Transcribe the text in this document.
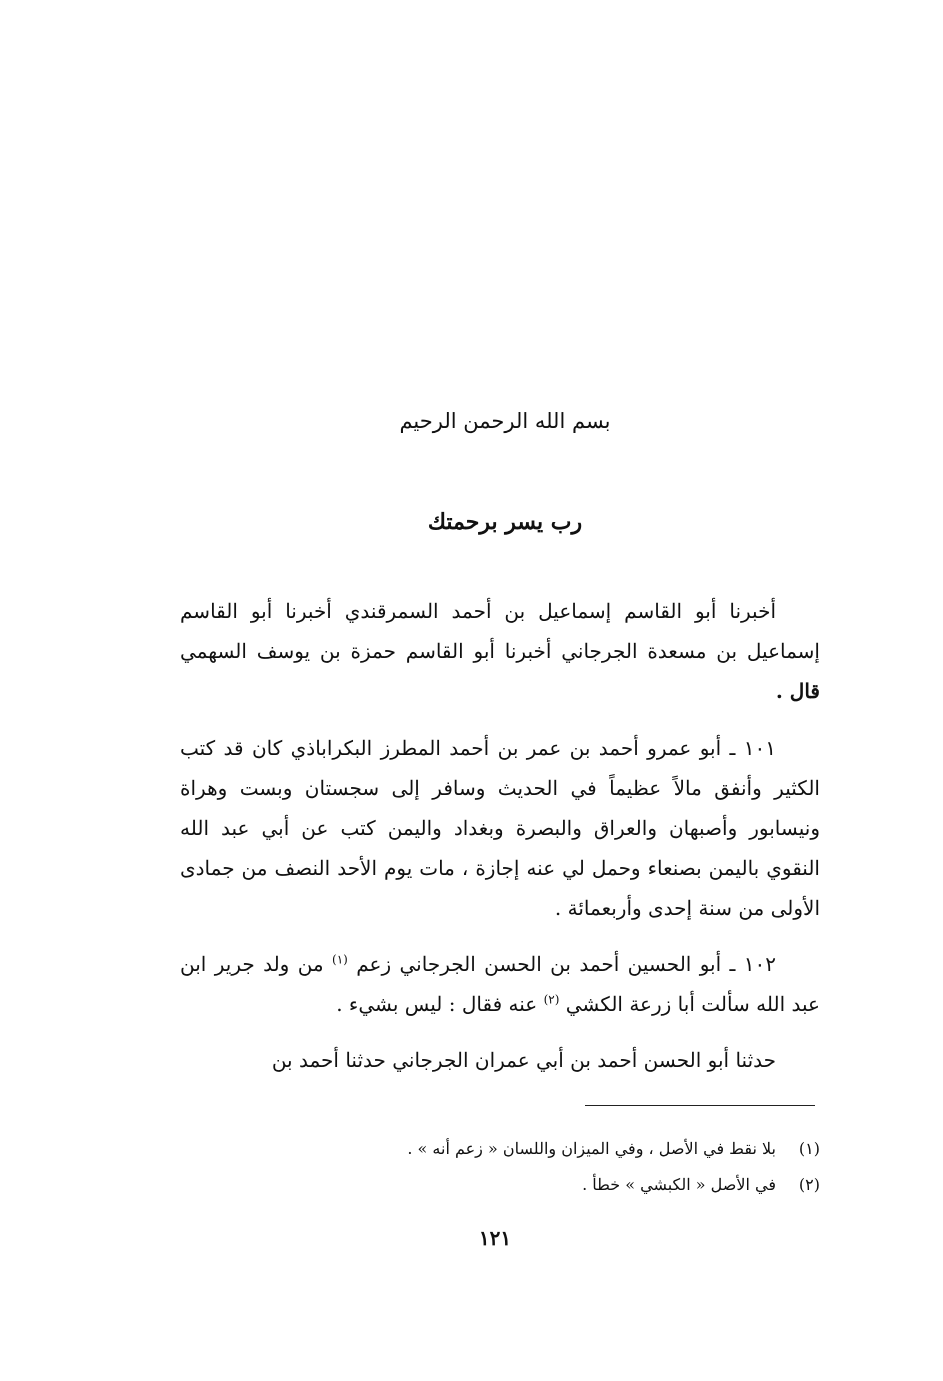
بسم الله الرحمن الرحيم
رب يسر برحمتك

أخبرنا أبو القاسم إسماعيل بن أحمد السمرقندي أخبرنا أبو القاسم إسماعيل بن مسعدة الجرجاني أخبرنا أبو القاسم حمزة بن يوسف السهمي قال .

١٠١ ـ أبو عمرو أحمد بن عمر بن أحمد المطرز البكراباذي كان قد كتب الكثير وأنفق مالاً عظيماً في الحديث وسافر إلى سجستان وبست وهراة ونيسابور وأصبهان والعراق والبصرة وبغداد واليمن كتب عن أبي عبد الله النقوي باليمن بصنعاء وحمل لي عنه إجازة ، مات يوم الأحد النصف من جمادى الأولى من سنة إحدى وأربعمائة .

١٠٢ ـ أبو الحسين أحمد بن الحسن الجرجاني زعم $^{(١)}$ من ولد جرير ابن عبد الله سألت أبا زرعة الكشي $^{(٢)}$ عنه فقال : ليس بشيء .

حدثنا أبو الحسن أحمد بن أبي عمران الجرجاني حدثنا أحمد بن

(١)بلا نقط في الأصل ، وفي الميزان واللسان « زعم أنه » .
(٢)في الأصل « الكبشي » خطأ .
١٢١
